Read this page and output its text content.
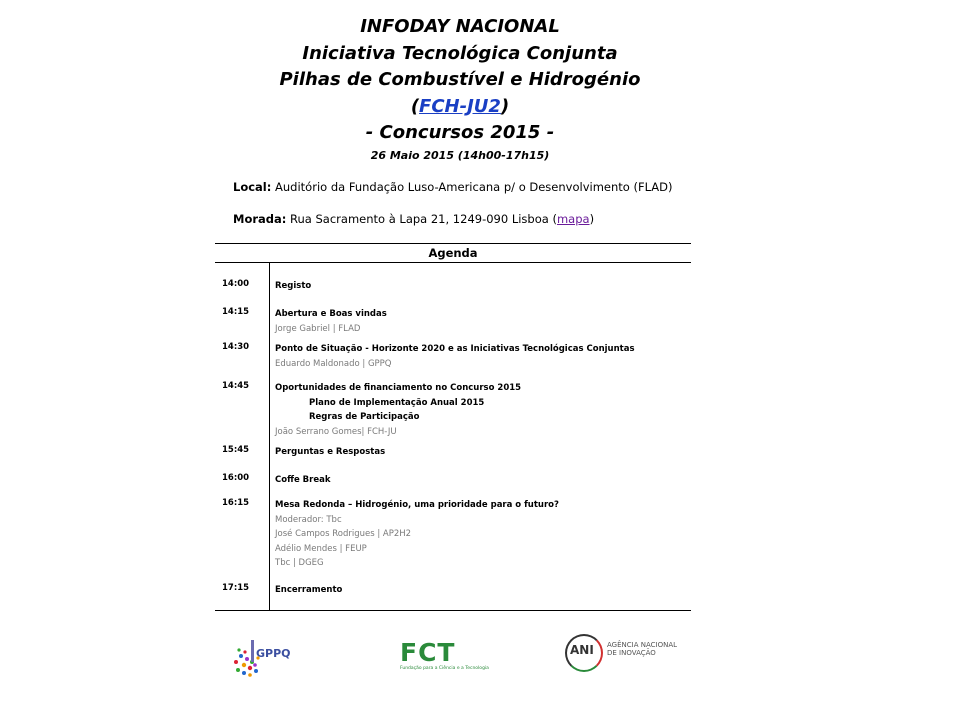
INFODAY NACIONAL
Iniciativa Tecnológica Conjunta
Pilhas de Combustível e Hidrogénio
(FCH-JU2)
- Concursos 2015 -
26 Maio 2015 (14h00-17h15)
Local: Auditório da Fundação Luso-Americana p/ o Desenvolvimento (FLAD)
Morada: Rua Sacramento à Lapa 21, 1249-090 Lisboa (mapa)
Agenda
14:00	Registo
14:15	Abertura e Boas vindas
Jorge Gabriel | FLAD
14:30	Ponto de Situação - Horizonte 2020 e as Iniciativas Tecnológicas Conjuntas
Eduardo Maldonado | GPPQ
14:45	Oportunidades de financiamento no Concurso 2015
Plano de Implementação Anual 2015
Regras de Participação
João Serrano Gomes| FCH-JU
15:45	Perguntas e Respostas
16:00	Coffe Break
16:15	Mesa Redonda – Hidrogénio, uma prioridade para o futuro?
Moderador: Tbc
José Campos Rodrigues | AP2H2
Adélio Mendes | FEUP
Tbc | DGEG
17:15	Encerramento
GPPQ	FCT
Fundação para a Ciência e a Tecnologia
ANI AGÊNCIA NACIONAL
DE INOVAÇÃO
